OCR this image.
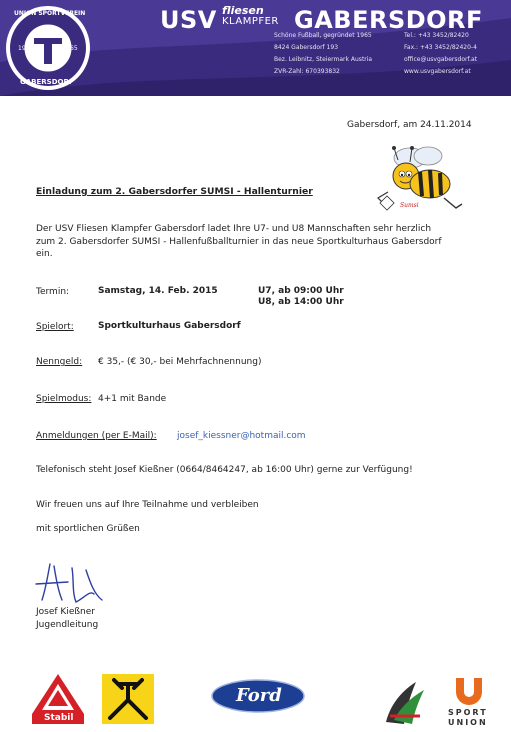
UNION SPORTVEREIN
19	65
GABERSDORF
USV fliesen
KLAMPFER GABERSDORF
Schöne Fußball, gegründet 1965
8424 Gabersdorf 193
Bez. Leibnitz, Steiermark Austria
ZVR-Zahl: 670393832
Tel.: +43 3452/82420
Fax.: +43 3452/82420-4
office@usvgabersdorf.at
www.usvgabersdorf.at
Gabersdorf, am 24.11.2014
Sumsi
Einladung zum 2. Gabersdorfer SUMSI - Hallenturnier
Der USV Fliesen Klampfer Gabersdorf ladet Ihre U7- und U8 Mannschaften sehr herzlich
zum 2. Gabersdorfer SUMSI - Hallenfußballturnier in das neue Sportkulturhaus Gabersdorf
ein.
Termin:	Samstag, 14. Feb. 2015	U7, ab 09:00 Uhr
U8, ab 14:00 Uhr
Spielort:	Sportkulturhaus Gabersdorf
Nenngeld: € 35,- (€ 30,- bei Mehrfachnennung)
Spielmodus: 4+1 mit Bande
Anmeldungen (per E-Mail): josef_kiessner@hotmail.com
Telefonisch steht Josef Kießner (0664/8464247, ab 16:00 Uhr) gerne zur Verfügung!
Wir freuen uns auf Ihre Teilnahme und verbleiben
mit sportlichen Grüßen
Josef Kießner
Jugendleitung
Stabil
Ford
SPORT
UNION
